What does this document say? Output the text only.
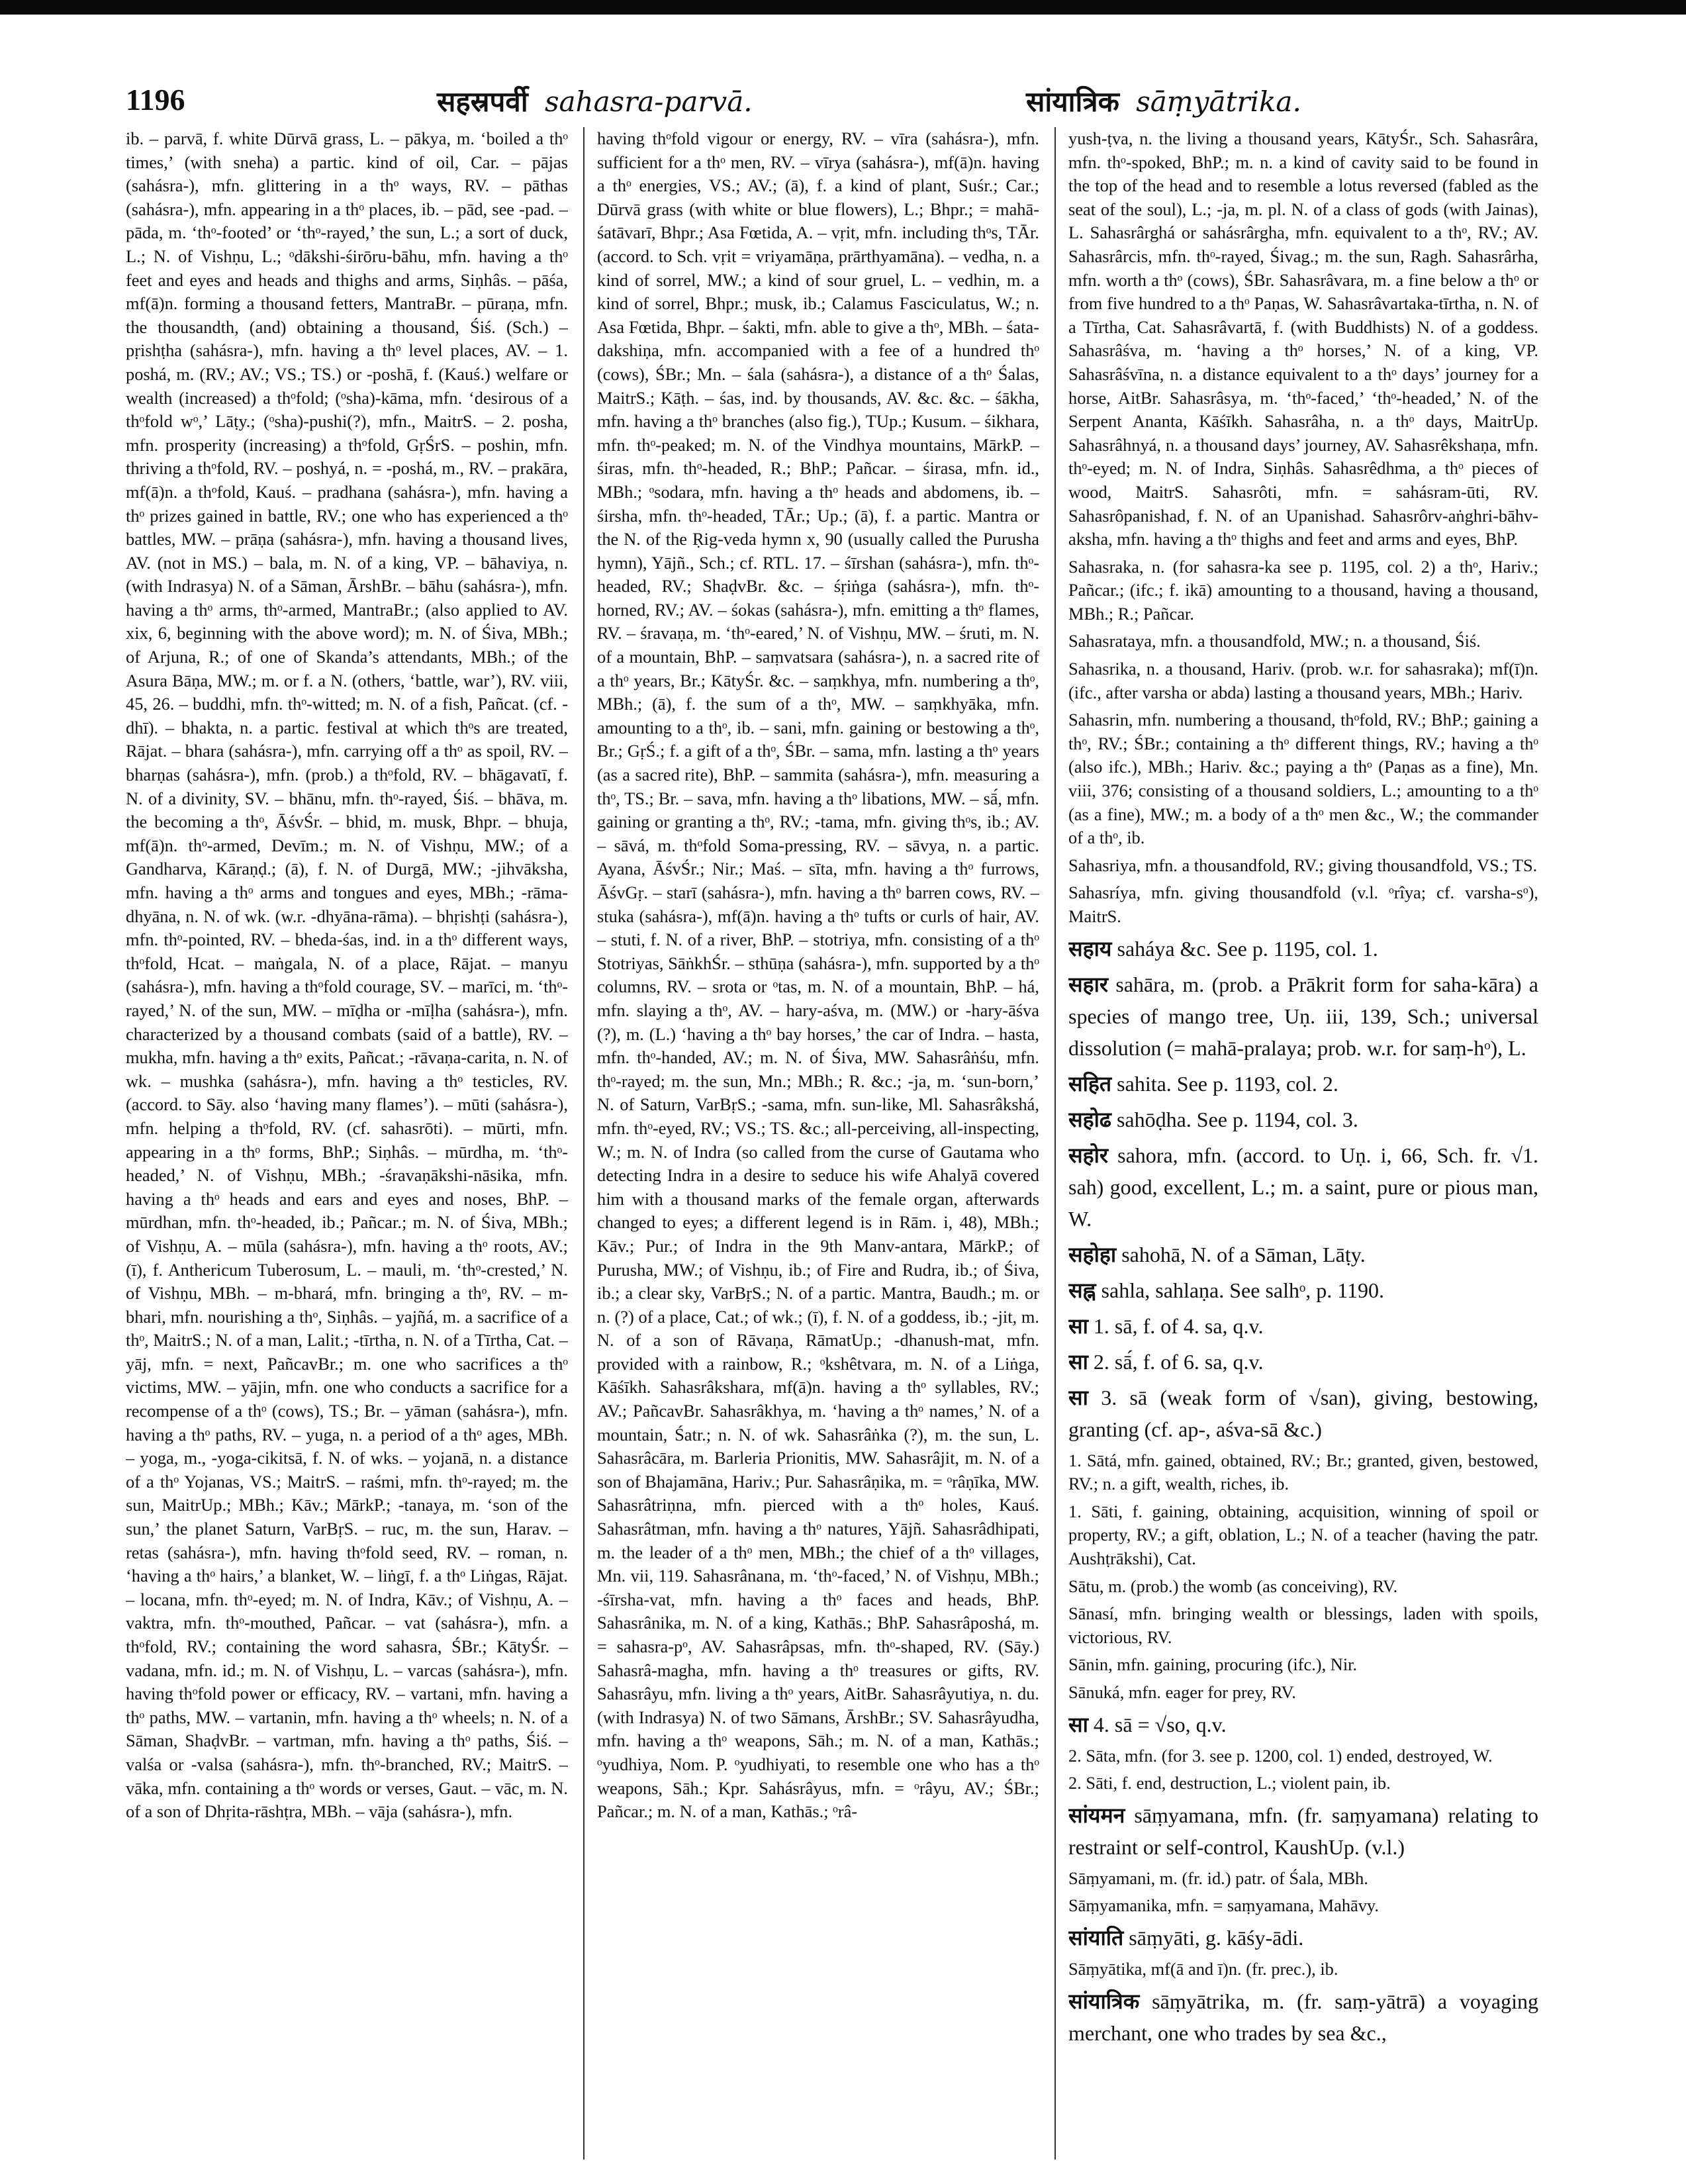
1196	सहस्रपर्वी sahasra-parvā.	सांयात्रिक sāṃyātrika.

ib. – parvā, f. white Dūrvā grass, L. – pākya, m. ‘boiled a thᵒ times,’ (with sneha) a partic. kind of oil, Car. – pājas (sahásra-), mfn. glittering in a thᵒ ways, RV. – pāthas (sahásra-), mfn. appearing in a thᵒ places, ib. – pād, see -pad. – pāda, m. ‘thᵒ-footed’ or ‘thᵒ-rayed,’ the sun, L.; a sort of duck, L.; N. of Vishṇu, L.; ᵒdākshi-śirōru-bāhu, mfn. having a thᵒ feet and eyes and heads and thighs and arms, Siṇhâs. – pāśa, mf(ā)n. forming a thousand fetters, MantraBr. – pūraṇa, mfn. the thousandth, (and) obtaining a thousand, Śiś. (Sch.) – pṛishṭha (sahásra-), mfn. having a thᵒ level places, AV. – 1. poshá, m. (RV.; AV.; VS.; TS.) or -poshā, f. (Kauś.) welfare or wealth (increased) a thᵒfold; (ᵒsha)-kāma, mfn. ‘desirous of a thᵒfold wᵒ,’ Lāṭy.; (ᵒsha)-pushi(?), mfn., MaitrS. – 2. posha, mfn. prosperity (increasing) a thᵒfold, GṛŚrS. – poshin, mfn. thriving a thᵒfold, RV. – poshyá, n. = -poshá, m., RV. – prakāra, mf(ā)n. a thᵒfold, Kauś. – pradhana (sahásra-), mfn. having a thᵒ prizes gained in battle, RV.; one who has experienced a thᵒ battles, MW. – prāṇa (sahásra-), mfn. having a thousand lives, AV. (not in MS.) – bala, m. N. of a king, VP. – bāhaviya, n. (with Indrasya) N. of a Sāman, ĀrshBr. – bāhu (sahásra-), mfn. having a thᵒ arms, thᵒ-armed, MantraBr.; (also applied to AV. xix, 6, beginning with the above word); m. N. of Śiva, MBh.; of Arjuna, R.; of one of Skanda’s attendants, MBh.; of the Asura Bāṇa, MW.; m. or f. a N. (others, ‘battle, war’), RV. viii, 45, 26. – buddhi, mfn. thᵒ-witted; m. N. of a fish, Pañcat. (cf. -dhī). – bhakta, n. a partic. festival at which thᵒs are treated, Rājat. – bhara (sahásra-), mfn. carrying off a thᵒ as spoil, RV. – bharṇas (sahásra-), mfn. (prob.) a thᵒfold, RV. – bhāgavatī, f. N. of a divinity, SV. – bhānu, mfn. thᵒ-rayed, Śiś. – bhāva, m. the becoming a thᵒ, ĀśvŚr. – bhid, m. musk, Bhpr. – bhuja, mf(ā)n. thᵒ-armed, Devīm.; m. N. of Vishṇu, MW.; of a Gandharva, Kāraṇḍ.; (ā), f. N. of Durgā, MW.; -jihvāksha, mfn. having a thᵒ arms and tongues and eyes, MBh.; -rāma-dhyāna, n. N. of wk. (w.r. -dhyāna-rāma). – bhṛishṭi (sahásra-), mfn. thᵒ-pointed, RV. – bheda-śas, ind. in a thᵒ different ways, thᵒfold, Hcat. – maṅgala, N. of a place, Rājat. – manyu (sahásra-), mfn. having a thᵒfold courage, SV. – marīci, m. ‘thᵒ-rayed,’ N. of the sun, MW. – mīḍha or -mīḷha (sahásra-), mfn. characterized by a thousand combats (said of a battle), RV. – mukha, mfn. having a thᵒ exits, Pañcat.; -rāvaṇa-carita, n. N. of wk. – mushka (sahásra-), mfn. having a thᵒ testicles, RV. (accord. to Sāy. also ‘having many flames’). – mūti (sahásra-), mfn. helping a thᵒfold, RV. (cf. sahasrōti). – mūrti, mfn. appearing in a thᵒ forms, BhP.; Siṇhâs. – mūrdha, m. ‘thᵒ-headed,’ N. of Vishṇu, MBh.; -śravaṇākshi-nāsika, mfn. having a thᵒ heads and ears and eyes and noses, BhP. – mūrdhan, mfn. thᵒ-headed, ib.; Pañcar.; m. N. of Śiva, MBh.; of Vishṇu, A. – mūla (sahásra-), mfn. having a thᵒ roots, AV.; (ī), f. Anthericum Tuberosum, L. – mauli, m. ‘thᵒ-crested,’ N. of Vishṇu, MBh. – m-bhará, mfn. bringing a thᵒ, RV. – m-bhari, mfn. nourishing a thᵒ, Siṇhâs. – yajñá, m. a sacrifice of a thᵒ, MaitrS.; N. of a man, Lalit.; -tīrtha, n. N. of a Tīrtha, Cat. – yāj, mfn. = next, PañcavBr.; m. one who sacrifices a thᵒ victims, MW. – yājin, mfn. one who conducts a sacrifice for a recompense of a thᵒ (cows), TS.; Br. – yāman (sahásra-), mfn. having a thᵒ paths, RV. – yuga, n. a period of a thᵒ ages, MBh. – yoga, m., -yoga-cikitsā, f. N. of wks. – yojanā, n. a distance of a thᵒ Yojanas, VS.; MaitrS. – raśmi, mfn. thᵒ-rayed; m. the sun, MaitrUp.; MBh.; Kāv.; MārkP.; -tanaya, m. ‘son of the sun,’ the planet Saturn, VarBṛS. – ruc, m. the sun, Harav. – retas (sahásra-), mfn. having thᵒfold seed, RV. – roman, n. ‘having a thᵒ hairs,’ a blanket, W. – liṅgī, f. a thᵒ Liṅgas, Rājat. – locana, mfn. thᵒ-eyed; m. N. of Indra, Kāv.; of Vishṇu, A. – vaktra, mfn. thᵒ-mouthed, Pañcar. – vat (sahásra-), mfn. a thᵒfold, RV.; containing the word sahasra, ŚBr.; KātyŚr. – vadana, mfn. id.; m. N. of Vishṇu, L. – varcas (sahásra-), mfn. having thᵒfold power or efficacy, RV. – vartani, mfn. having a thᵒ paths, MW. – vartanin, mfn. having a thᵒ wheels; n. N. of a Sāman, ShaḍvBr. – vartman, mfn. having a thᵒ paths, Śiś. – valśa or -valsa (sahásra-), mfn. thᵒ-branched, RV.; MaitrS. – vāka, mfn. containing a thᵒ words or verses, Gaut. – vāc, m. N. of a son of Dhṛita-rāshṭra, MBh. – vāja (sahásra-), mfn.

having thᵒfold vigour or energy, RV. – vīra (sahásra-), mfn. sufficient for a thᵒ men, RV. – vīrya (sahásra-), mf(ā)n. having a thᵒ energies, VS.; AV.; (ā), f. a kind of plant, Suśr.; Car.; Dūrvā grass (with white or blue flowers), L.; Bhpr.; = mahā-śatāvarī, Bhpr.; Asa Fœtida, A. – vṛit, mfn. including thᵒs, TĀr. (accord. to Sch. vṛit = vriyamāṇa, prārthyamāna). – vedha, n. a kind of sorrel, MW.; a kind of sour gruel, L. – vedhin, m. a kind of sorrel, Bhpr.; musk, ib.; Calamus Fasciculatus, W.; n. Asa Fœtida, Bhpr. – śakti, mfn. able to give a thᵒ, MBh. – śata-dakshiṇa, mfn. accompanied with a fee of a hundred thᵒ (cows), ŚBr.; Mn. – śala (sahásra-), a distance of a thᵒ Śalas, MaitrS.; Kāṭh. – śas, ind. by thousands, AV. &c. &c. – śākha, mfn. having a thᵒ branches (also fig.), TUp.; Kusum. – śikhara, mfn. thᵒ-peaked; m. N. of the Vindhya mountains, MārkP. – śiras, mfn. thᵒ-headed, R.; BhP.; Pañcar. – śirasa, mfn. id., MBh.; ᵒsodara, mfn. having a thᵒ heads and abdomens, ib. – śirsha, mfn. thᵒ-headed, TĀr.; Up.; (ā), f. a partic. Mantra or the N. of the Ṛig-veda hymn x, 90 (usually called the Purusha hymn), Yājñ., Sch.; cf. RTL. 17. – śīrshan (sahásra-), mfn. thᵒ-headed, RV.; ShaḍvBr. &c. – śṛiṅga (sahásra-), mfn. thᵒ-horned, RV.; AV. – śokas (sahásra-), mfn. emitting a thᵒ flames, RV. – śravaṇa, m. ‘thᵒ-eared,’ N. of Vishṇu, MW. – śruti, m. N. of a mountain, BhP. – saṃvatsara (sahásra-), n. a sacred rite of a thᵒ years, Br.; KātyŚr. &c. – saṃkhya, mfn. numbering a thᵒ, MBh.; (ā), f. the sum of a thᵒ, MW. – saṃkhyāka, mfn. amounting to a thᵒ, ib. – sani, mfn. gaining or bestowing a thᵒ, Br.; GṛŚ.; f. a gift of a thᵒ, ŚBr. – sama, mfn. lasting a thᵒ years (as a sacred rite), BhP. – sammita (sahásra-), mfn. measuring a thᵒ, TS.; Br. – sava, mfn. having a thᵒ libations, MW. – sā́, mfn. gaining or granting a thᵒ, RV.; -tama, mfn. giving thᵒs, ib.; AV. – sāvá, m. thᵒfold Soma-pressing, RV. – sāvya, n. a partic. Ayana, ĀśvŚr.; Nir.; Maś. – sīta, mfn. having a thᵒ furrows, ĀśvGṛ. – starī (sahásra-), mfn. having a thᵒ barren cows, RV. – stuka (sahásra-), mf(ā)n. having a thᵒ tufts or curls of hair, AV. – stuti, f. N. of a river, BhP. – stotriya, mfn. consisting of a thᵒ Stotriyas, SāṅkhŚr. – sthūṇa (sahásra-), mfn. supported by a thᵒ columns, RV. – srota or ᵒtas, m. N. of a mountain, BhP. – há, mfn. slaying a thᵒ, AV. – hary-aśva, m. (MW.) or -hary-āśva (?), m. (L.) ‘having a thᵒ bay horses,’ the car of Indra. – hasta, mfn. thᵒ-handed, AV.; m. N. of Śiva, MW. Sahasrâṅśu, mfn. thᵒ-rayed; m. the sun, Mn.; MBh.; R. &c.; -ja, m. ‘sun-born,’ N. of Saturn, VarBṛS.; -sama, mfn. sun-like, Ml. Sahasrâkshá, mfn. thᵒ-eyed, RV.; VS.; TS. &c.; all-perceiving, all-inspecting, W.; m. N. of Indra (so called from the curse of Gautama who detecting Indra in a desire to seduce his wife Ahalyā covered him with a thousand marks of the female organ, afterwards changed to eyes; a different legend is in Rām. i, 48), MBh.; Kāv.; Pur.; of Indra in the 9th Manv-antara, MārkP.; of Purusha, MW.; of Vishṇu, ib.; of Fire and Rudra, ib.; of Śiva, ib.; a clear sky, VarBṛS.; N. of a partic. Mantra, Baudh.; m. or n. (?) of a place, Cat.; of wk.; (ī), f. N. of a goddess, ib.; -jit, m. N. of a son of Rāvaṇa, RāmatUp.; -dhanush-mat, mfn. provided with a rainbow, R.; ᵒkshêtvara, m. N. of a Liṅga, Kāśīkh. Sahasrâkshara, mf(ā)n. having a thᵒ syllables, RV.; AV.; PañcavBr. Sahasrâkhya, m. ‘having a thᵒ names,’ N. of a mountain, Śatr.; n. N. of wk. Sahasrâṅka (?), m. the sun, L. Sahasrâcāra, m. Barleria Prionitis, MW. Sahasrâjit, m. N. of a son of Bhajamāna, Hariv.; Pur. Sahasrâṇika, m. = ᵒrâṇīka, MW. Sahasrâtriṇna, mfn. pierced with a thᵒ holes, Kauś. Sahasrâtman, mfn. having a thᵒ natures, Yājñ. Sahasrâdhipati, m. the leader of a thᵒ men, MBh.; the chief of a thᵒ villages, Mn. vii, 119. Sahasrânana, m. ‘thᵒ-faced,’ N. of Vishṇu, MBh.; -śīrsha-vat, mfn. having a thᵒ faces and heads, BhP. Sahasrânika, m. N. of a king, Kathās.; BhP. Sahasrâposhá, m. = sahasra-pᵒ, AV. Sahasrâpsas, mfn. thᵒ-shaped, RV. (Sāy.) Sahasrâ-magha, mfn. having a thᵒ treasures or gifts, RV. Sahasrâyu, mfn. living a thᵒ years, AitBr. Sahasrâyutiya, n. du. (with Indrasya) N. of two Sāmans, ĀrshBr.; SV. Sahasrâyudha, mfn. having a thᵒ weapons, Sāh.; m. N. of a man, Kathās.; ᵒyudhiya, Nom. P. ᵒyudhiyati, to resemble one who has a thᵒ weapons, Sāh.; Kpr. Sahásrâyus, mfn. = ᵒrâyu, AV.; ŚBr.; Pañcar.; m. N. of a man, Kathās.; ᵒrâ-

yush-ṭva, n. the living a thousand years, KātyŚr., Sch. Sahasrâra, mfn. thᵒ-spoked, BhP.; m. n. a kind of cavity said to be found in the top of the head and to resemble a lotus reversed (fabled as the seat of the soul), L.; -ja, m. pl. N. of a class of gods (with Jainas), L. Sahasrârghá or sahásrârgha, mfn. equivalent to a thᵒ, RV.; AV. Sahasrârcis, mfn. thᵒ-rayed, Śivag.; m. the sun, Ragh. Sahasrârha, mfn. worth a thᵒ (cows), ŚBr. Sahasrâvara, m. a fine below a thᵒ or from five hundred to a thᵒ Paṇas, W. Sahasrâvartaka-tīrtha, n. N. of a Tīrtha, Cat. Sahasrâvartā, f. (with Buddhists) N. of a goddess. Sahasrâśva, m. ‘having a thᵒ horses,’ N. of a king, VP. Sahasrâśvīna, n. a distance equivalent to a thᵒ days’ journey for a horse, AitBr. Sahasrâsya, m. ‘thᵒ-faced,’ ‘thᵒ-headed,’ N. of the Serpent Ananta, Kāśīkh. Sahasrâha, n. a thᵒ days, MaitrUp. Sahasrâhnyá, n. a thousand days’ journey, AV. Sahasrêkshaṇa, mfn. thᵒ-eyed; m. N. of Indra, Siṇhâs. Sahasrêdhma, a thᵒ pieces of wood, MaitrS. Sahasrôti, mfn. = sahásram-ūti, RV. Sahasrôpanishad, f. N. of an Upanishad. Sahasrôrv-aṅghri-bāhv-aksha, mfn. having a thᵒ thighs and feet and arms and eyes, BhP.

Sahasraka, n. (for sahasra-ka see p. 1195, col. 2) a thᵒ, Hariv.; Pañcar.; (ifc.; f. ikā) amounting to a thousand, having a thousand, MBh.; R.; Pañcar.

Sahasrataya, mfn. a thousandfold, MW.; n. a thousand, Śiś.

Sahasrika, n. a thousand, Hariv. (prob. w.r. for sahasraka); mf(ī)n. (ifc., after varsha or abda) lasting a thousand years, MBh.; Hariv.

Sahasrin, mfn. numbering a thousand, thᵒfold, RV.; BhP.; gaining a thᵒ, RV.; ŚBr.; containing a thᵒ different things, RV.; having a thᵒ (also ifc.), MBh.; Hariv. &c.; paying a thᵒ (Paṇas as a fine), Mn. viii, 376; consisting of a thousand soldiers, L.; amounting to a thᵒ (as a fine), MW.; m. a body of a thᵒ men &c., W.; the commander of a thᵒ, ib.

Sahasriya, mfn. a thousandfold, RV.; giving thousandfold, VS.; TS.

Sahasríya, mfn. giving thousandfold (v.l. ᵒrîya; cf. varsha-sᵒ), MaitrS.

सहाय saháya &c. See p. 1195, col. 1.

सहार sahāra, m. (prob. a Prākrit form for saha-kāra) a species of mango tree, Uṇ. iii, 139, Sch.; universal dissolution (= mahā-pralaya; prob. w.r. for saṃ-hᵒ), L.

सहित sahita. See p. 1193, col. 2.

सहोढ sahōḍha. See p. 1194, col. 3.

सहोर sahora, mfn. (accord. to Uṇ. i, 66, Sch. fr. √1. sah) good, excellent, L.; m. a saint, pure or pious man, W.

सहोहा sahohā, N. of a Sāman, Lāṭy.

सह्न sahla, sahlaṇa. See salhᵒ, p. 1190.

सा 1. sā, f. of 4. sa, q.v.

सा 2. sā́, f. of 6. sa, q.v.

सा 3. sā (weak form of √san), giving, bestowing, granting (cf. ap-, aśva-sā &c.)

1. Sātá, mfn. gained, obtained, RV.; Br.; granted, given, bestowed, RV.; n. a gift, wealth, riches, ib.

1. Sāti, f. gaining, obtaining, acquisition, winning of spoil or property, RV.; a gift, oblation, L.; N. of a teacher (having the patr. Aushṭrākshi), Cat.

Sātu, m. (prob.) the womb (as conceiving), RV.

Sānasí, mfn. bringing wealth or blessings, laden with spoils, victorious, RV.

Sānin, mfn. gaining, procuring (ifc.), Nir.

Sānuká, mfn. eager for prey, RV.

सा 4. sā = √so, q.v.

2. Sāta, mfn. (for 3. see p. 1200, col. 1) ended, destroyed, W.

2. Sāti, f. end, destruction, L.; violent pain, ib.

सांयमन sāṃyamana, mfn. (fr. saṃyamana) relating to restraint or self-control, KaushUp. (v.l.)

Sāṃyamani, m. (fr. id.) patr. of Śala, MBh.

Sāṃyamanika, mfn. = saṃyamana, Mahāvy.

सांयाति sāṃyāti, g. kāśy-ādi.

Sāṃyātika, mf(ā and ī)n. (fr. prec.), ib.

सांयात्रिक sāṃyātrika, m. (fr. saṃ-yātrā) a voyaging merchant, one who trades by sea &c.,
